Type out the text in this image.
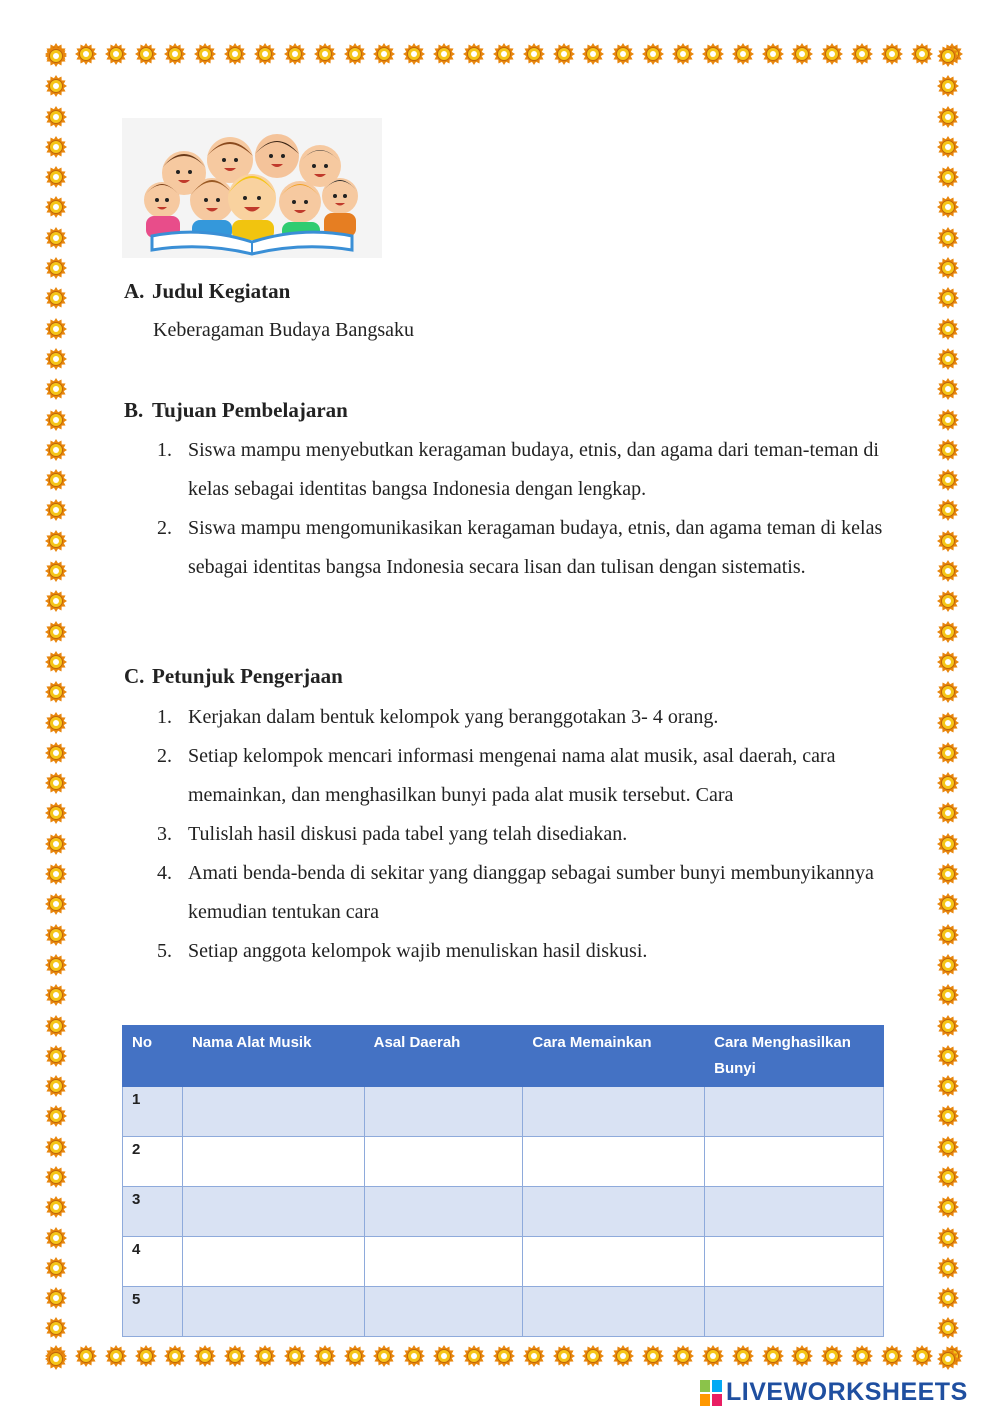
A. Judul Kegiatan
Keberagaman Budaya Bangsaku
B. Tujuan Pembelajaran
1. Siswa mampu menyebutkan keragaman budaya, etnis, dan agama dari teman-teman di kelas sebagai identitas bangsa Indonesia dengan lengkap.
2. Siswa mampu mengomunikasikan keragaman budaya, etnis, dan agama teman di kelas sebagai identitas bangsa Indonesia secara lisan dan tulisan dengan sistematis.
C. Petunjuk Pengerjaan
1. Kerjakan dalam bentuk kelompok yang beranggotakan 3- 4 orang.
2. Setiap kelompok mencari informasi mengenai nama alat musik, asal daerah, cara memainkan, dan menghasilkan bunyi pada alat musik tersebut. Cara
3. Tulislah hasil diskusi pada tabel yang telah disediakan.
4. Amati benda-benda di sekitar yang dianggap sebagai sumber bunyi membunyikannya kemudian tentukan cara
5. Setiap anggota kelompok wajib menuliskan hasil diskusi.
No	Nama Alat Musik	Asal Daerah	Cara Memainkan	Cara Menghasilkan Bunyi
1				
2				
3				
4				
5				
LIVEWORKSHEETS
